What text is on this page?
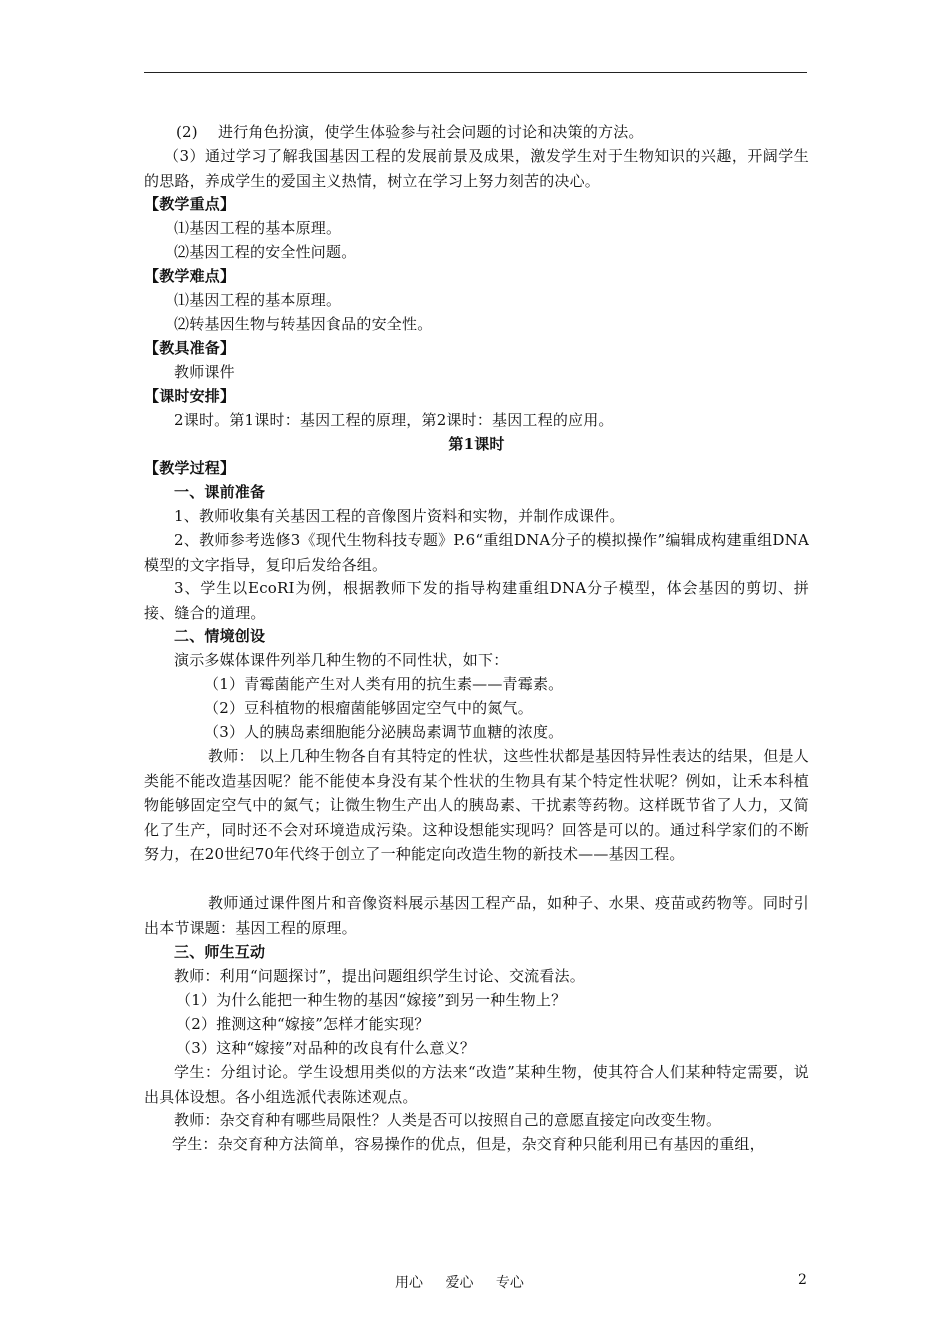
(2)  进行角色扮演，使学生体验参与社会问题的讨论和决策的方法。
（3）通过学习了解我国基因工程的发展前景及成果，激发学生对于生物知识的兴趣，开阔学生的思路，养成学生的爱国主义热情，树立在学习上努力刻苦的决心。
【教学重点】
⑴基因工程的基本原理。
⑵基因工程的安全性问题。
【教学难点】
⑴基因工程的基本原理。
⑵转基因生物与转基因食品的安全性。
【教具准备】
教师课件
【课时安排】
2课时。第1课时：基因工程的原理，第2课时：基因工程的应用。
第1课时
【教学过程】
一、课前准备
1、教师收集有关基因工程的音像图片资料和实物，并制作成课件。
2、教师参考选修3《现代生物科技专题》P.6“重组DNA分子的模拟操作”编辑成构建重组DNA模型的文字指导，复印后发给各组。
3、学生以EcoRI为例，根据教师下发的指导构建重组DNA分子模型，体会基因的剪切、拼接、缝合的道理。
二、情境创设
演示多媒体课件列举几种生物的不同性状，如下：
（1）青霉菌能产生对人类有用的抗生素——青霉素。
（2）豆科植物的根瘤菌能够固定空气中的氮气。
（3）人的胰岛素细胞能分泌胰岛素调节血糖的浓度。
教师： 以上几种生物各自有其特定的性状，这些性状都是基因特异性表达的结果，但是人类能不能改造基因呢？能不能使本身没有某个性状的生物具有某个特定性状呢？例如，让禾本科植物能够固定空气中的氮气；让微生物生产出人的胰岛素、干扰素等药物。这样既节省了人力，又简化了生产，同时还不会对环境造成污染。这种设想能实现吗？回答是可以的。通过科学家们的不断努力，在20世纪70年代终于创立了一种能定向改造生物的新技术——基因工程。
教师通过课件图片和音像资料展示基因工程产品，如种子、水果、疫苗或药物等。同时引出本节课题：基因工程的原理。
三、师生互动
教师：利用“问题探讨”，提出问题组织学生讨论、交流看法。
（1）为什么能把一种生物的基因“嫁接”到另一种生物上？
（2）推测这种“嫁接”怎样才能实现？
（3）这种“嫁接”对品种的改良有什么意义？
学生：分组讨论。学生设想用类似的方法来“改造”某种生物，使其符合人们某种特定需要，说出具体设想。各小组选派代表陈述观点。
教师：杂交育种有哪些局限性？人类是否可以按照自己的意愿直接定向改变生物。
学生：杂交育种方法简单，容易操作的优点，但是，杂交育种只能利用已有基因的重组，
用心 爱心 专心	2
